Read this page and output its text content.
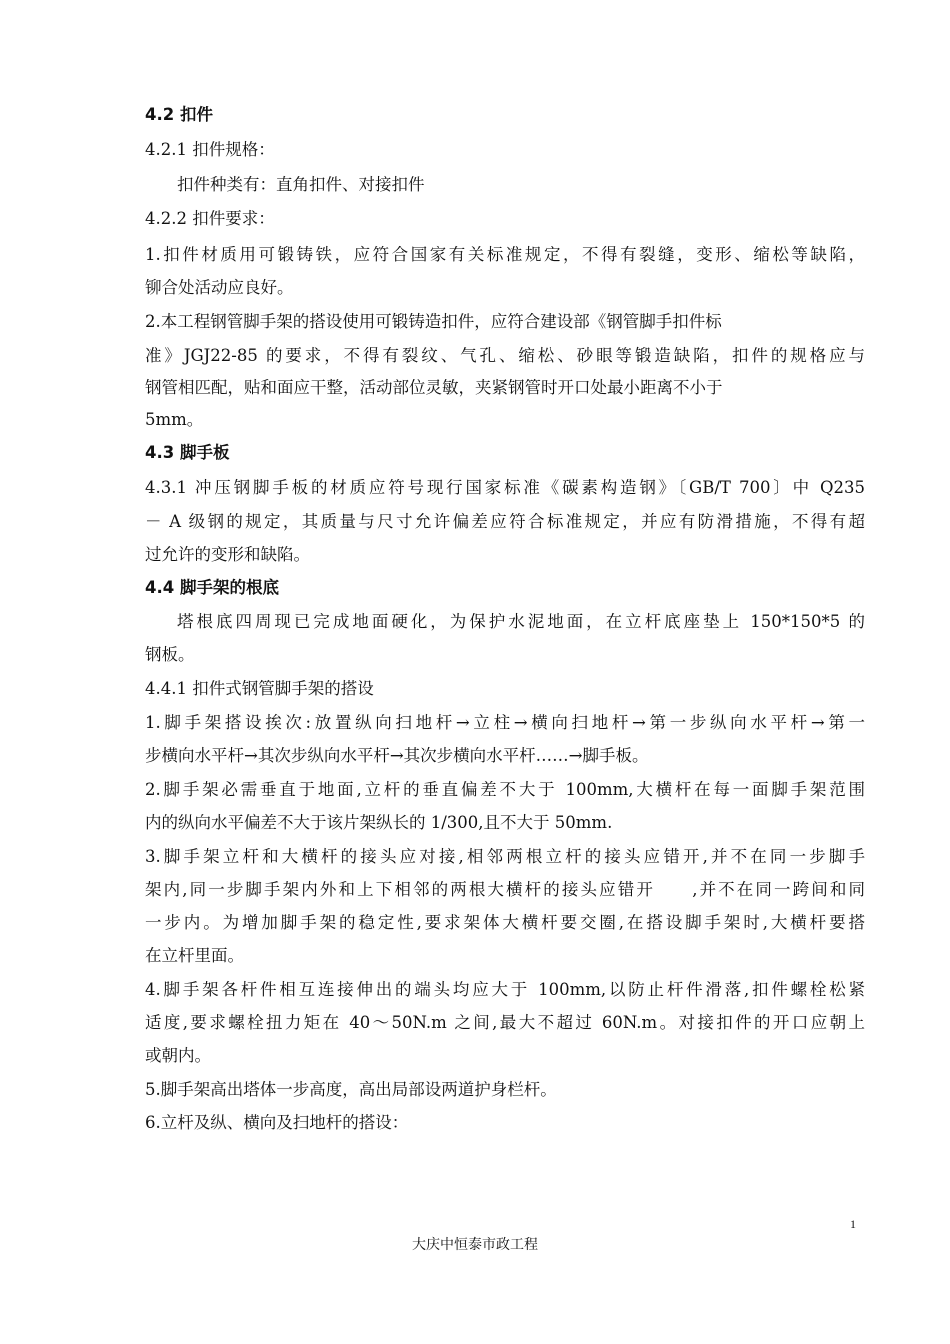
4.2 扣件
4.2.1 扣件规格：
扣件种类有：直角扣件、对接扣件
4.2.2 扣件要求：
1.扣件材质用可锻铸铁，应符合国家有关标准规定，不得有裂缝，变形、缩松等缺陷，
铆合处活动应良好。
2.本工程钢管脚手架的搭设使用可锻铸造扣件，应符合建设部《钢管脚手扣件标
准》JGJ22-85 的要求，不得有裂纹、气孔、缩松、砂眼等锻造缺陷，扣件的规格应与
钢管相匹配，贴和面应干整，活动部位灵敏，夹紧钢管时开口处最小距离不小于
5mm。
4.3 脚手板
4.3.1 冲压钢脚手板的材质应符号现行国家标准《碳素构造钢》〔GB/T 700〕中 Q235
－ A 级钢的规定，其质量与尺寸允许偏差应符合标准规定，并应有防滑措施，不得有超
过允许的变形和缺陷。
4.4 脚手架的根底
塔根底四周现已完成地面硬化，为保护水泥地面，在立杆底座垫上 150*150*5 的
钢板。
4.4.1 扣件式钢管脚手架的搭设
1.脚手架搭设挨次:放置纵向扫地杆→立柱→横向扫地杆→第一步纵向水平杆→第一
步横向水平杆→其次步纵向水平杆→其次步横向水平杆……→脚手板。
2.脚手架必需垂直于地面,立杆的垂直偏差不大于 100mm,大横杆在每一面脚手架范围
内的纵向水平偏差不大于该片架纵长的 1/300,且不大于 50mm.
3.脚手架立杆和大横杆的接头应对接,相邻两根立杆的接头应错开,并不在同一步脚手
架内,同一步脚手架内外和上下相邻的两根大横杆的接头应错开　　,并不在同一跨间和同
一步内。为增加脚手架的稳定性,要求架体大横杆要交圈,在搭设脚手架时,大横杆要搭
在立杆里面。
4.脚手架各杆件相互连接伸出的端头均应大于 100mm,以防止杆件滑落,扣件螺栓松紧
适度,要求螺栓扭力矩在 40～50N.m 之间,最大不超过 60N.m。对接扣件的开口应朝上
或朝内。
5.脚手架高出塔体一步高度，高出局部设两道护身栏杆。
6.立杆及纵、横向及扫地杆的搭设：
1
大庆中恒泰市政工程
